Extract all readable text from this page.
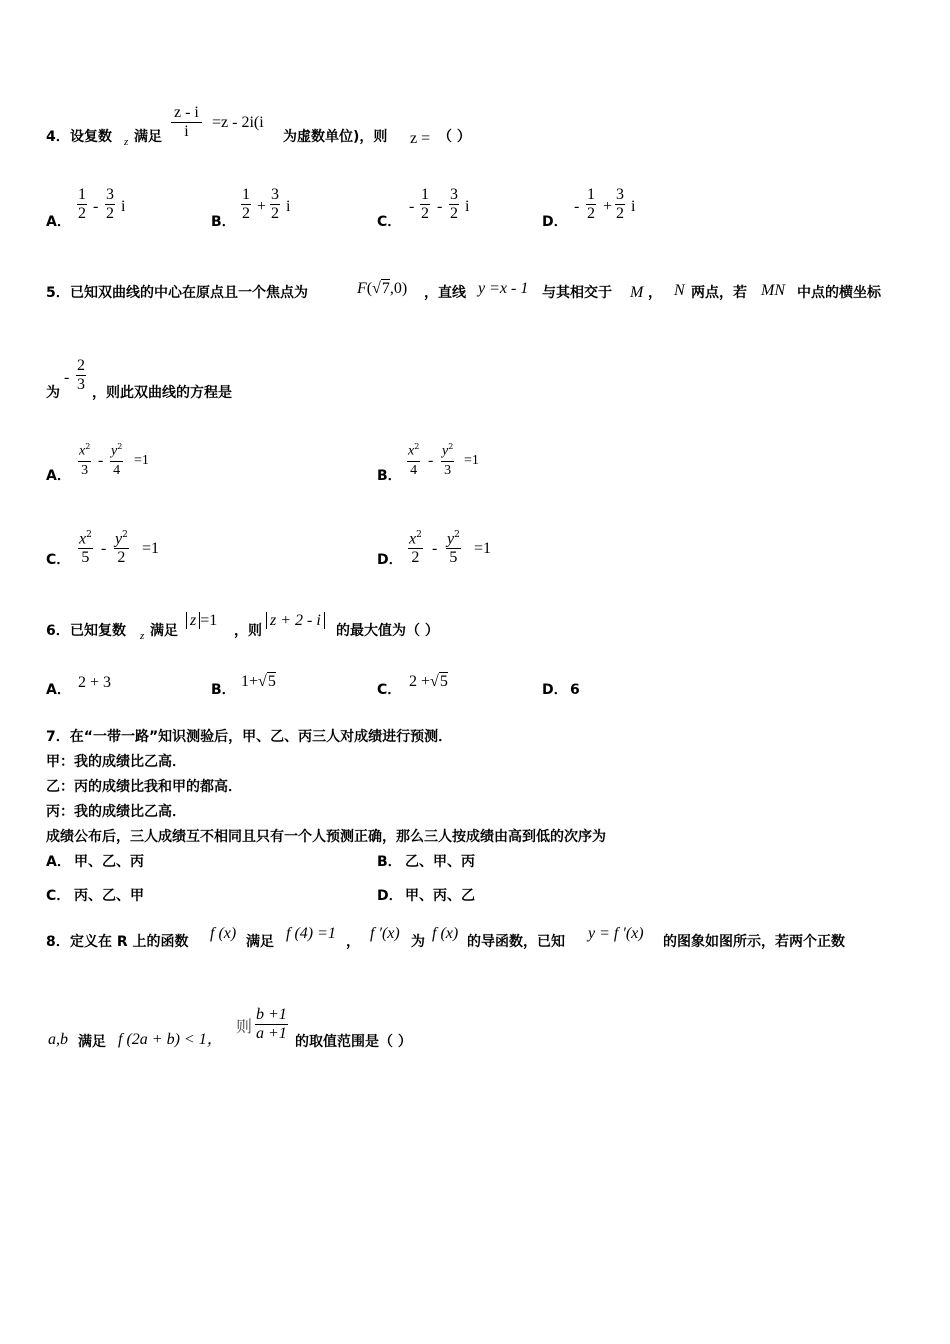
4． 设复数 z 满足 $\frac{z - i}{i} =z - 2i(i$
为虚数单位)，则 z = （ ）
A． $\frac{1}{2} - \frac{3}{2}$ i
B． $\frac{1}{2} + \frac{3}{2}$ i
C．
- $\frac{1}{2} - \frac{3}{2}$ i
D．
- $\frac{1}{2} + \frac{3}{2}$ i
5． 已知双曲线的中心在原点且一个焦点为	F(√7,0) ，直线 y =x - 1 与其相交于 M ， N 两点，若 MN 中点的横坐标
为
- $\frac{2}{3}$ ，则此双曲线的方程是
A． $\frac{x^2}{3} - \frac{y^2}{4} =1$
B． $\frac{x^2}{4} - \frac{y^2}{3} =1$
C． $\frac{x^2}{5} - \frac{y^2}{2} =1$
D． $\frac{x^2}{2} - \frac{y^2}{5} =1$
6． 已知复数 z 满足
z =1
，则
z + 2 - i
的最大值为（ ）
A． 2 + 3	B． 1+√5	C． 2 +√5	D． 6
7．在“一带一路”知识测验后，甲、乙、丙三人对成绩进行预测．
甲：我的成绩比乙高．
乙：丙的成绩比我和甲的都高．
丙：我的成绩比乙高．
成绩公布后，三人成绩互不相同且只有一个人预测正确，那么三人按成绩由高到低的次序为
A． 甲、乙、丙	B． 乙、甲、丙
C． 丙、乙、甲	D． 甲、丙、乙
8． 定义在 R 上的函数 f (x) 满足 f (4) =1 ， f ′(x) 为 f (x) 的导函数，已知 y = f ′(x) 的图象如图所示，若两个正数
a,b 满足 f (2a + b) < 1，
则 $\frac{b +1}{a +1}$ 的取值范围是（ ）
